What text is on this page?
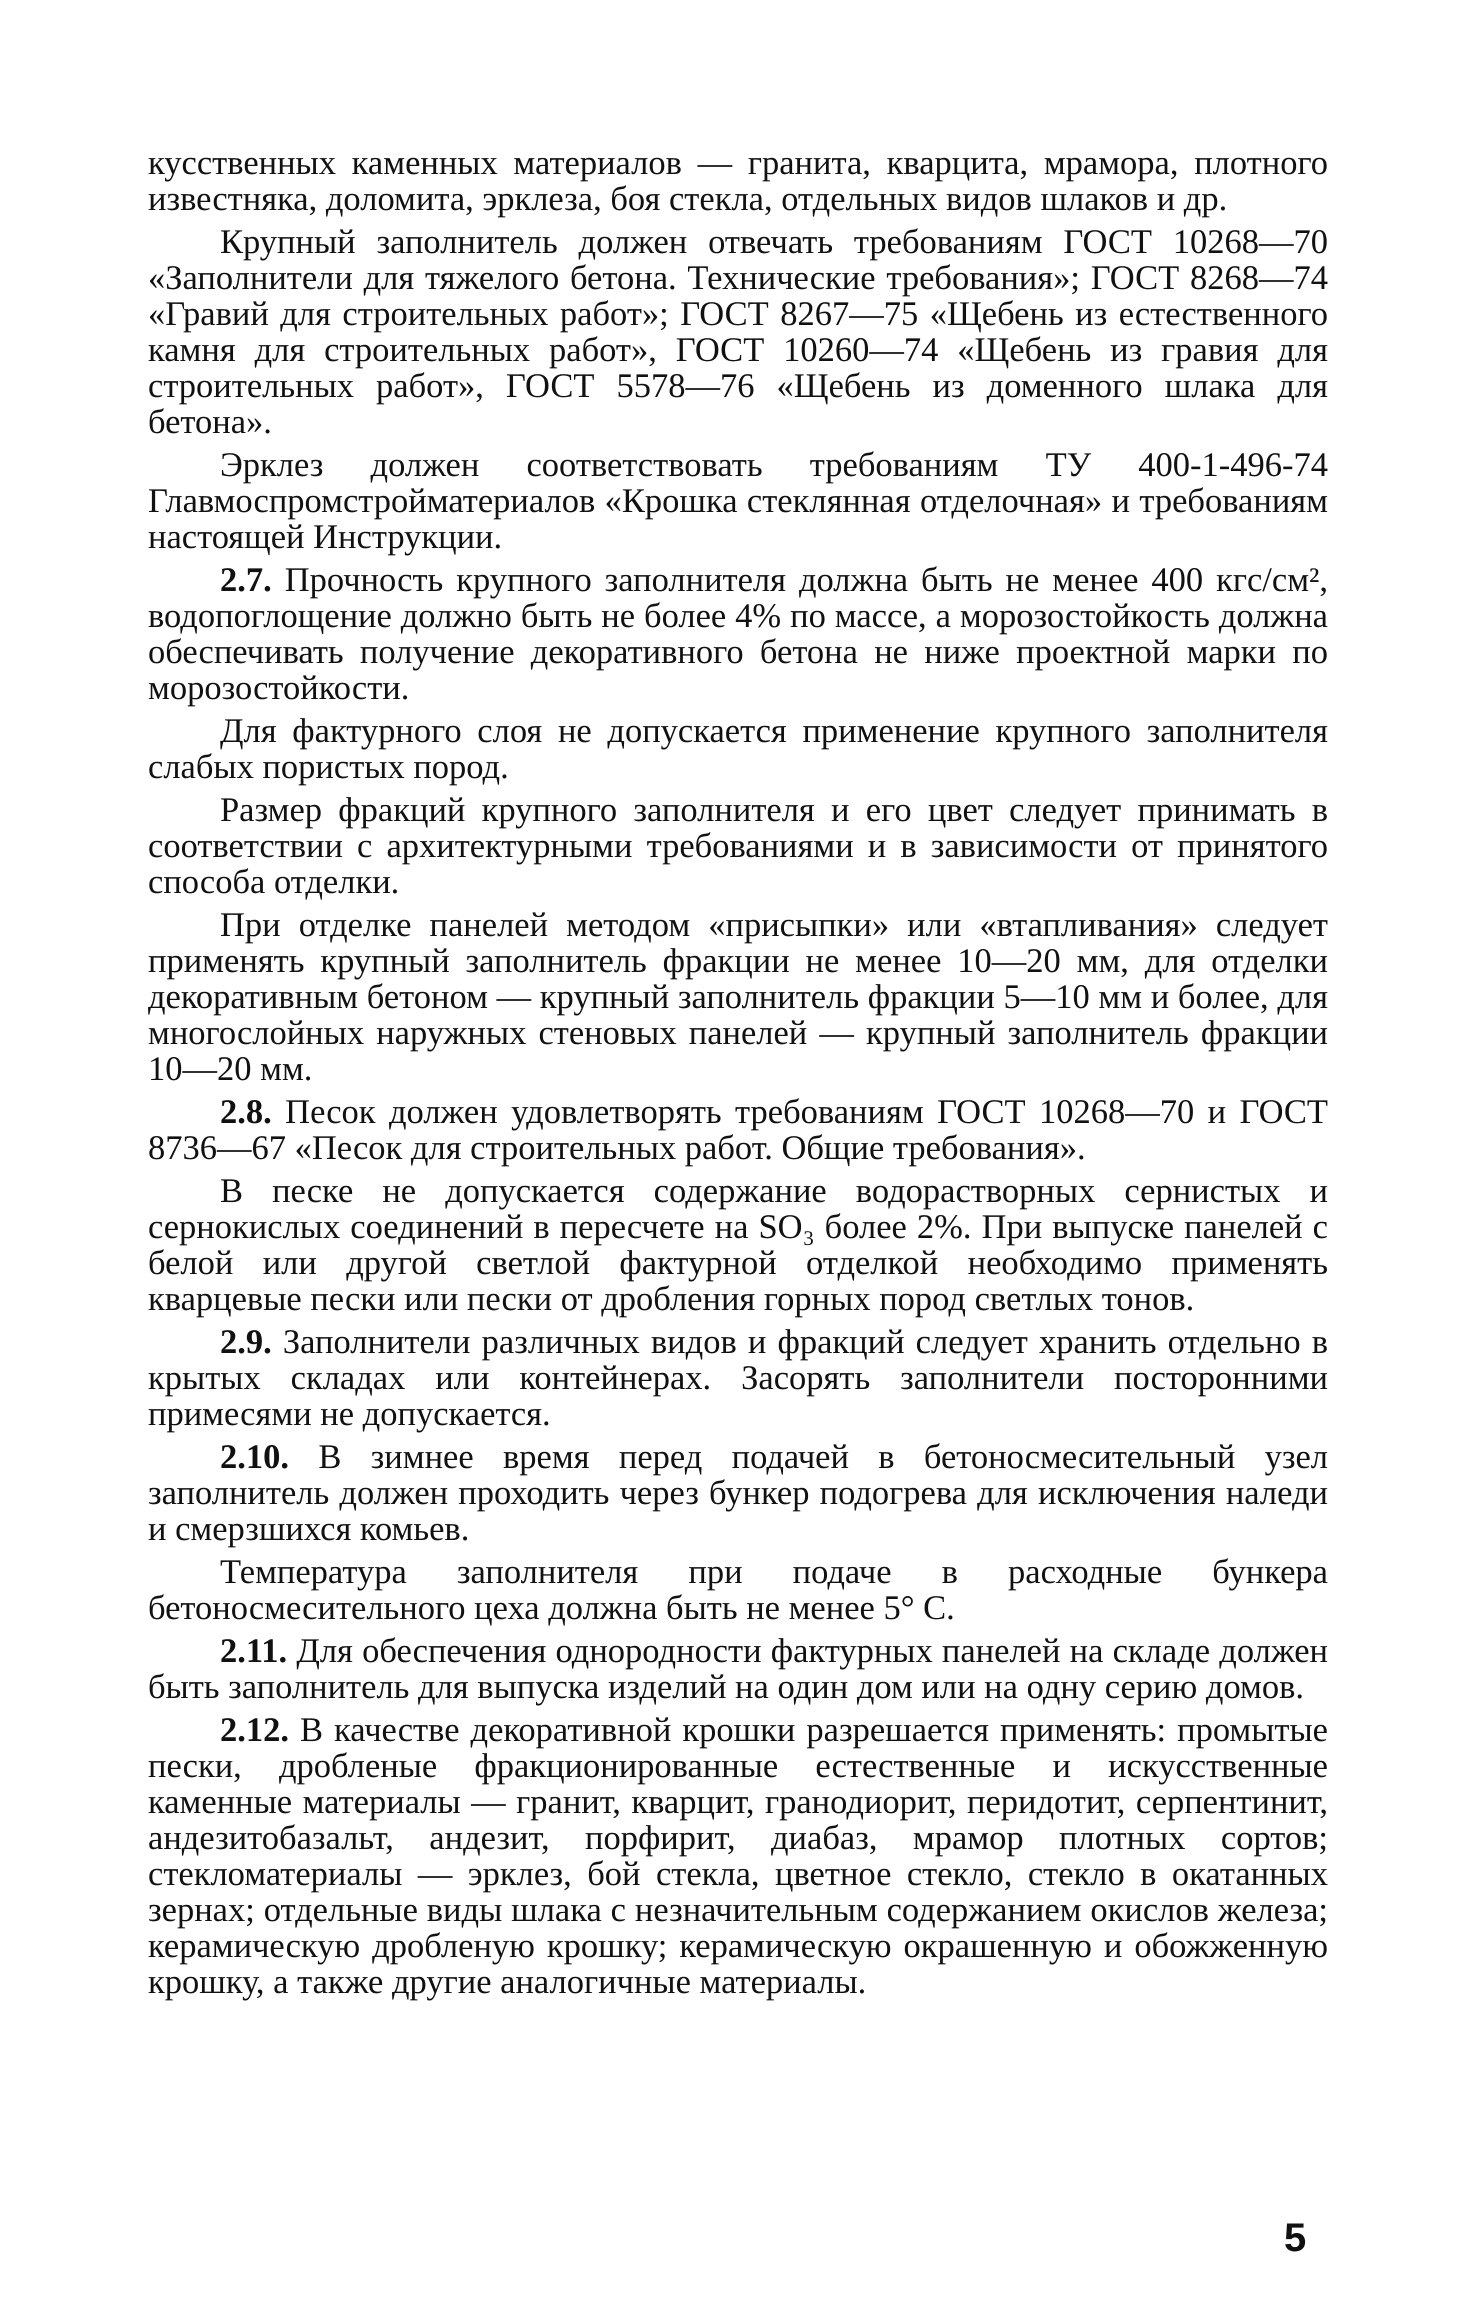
кусственных каменных материалов — гранита, кварцита, мрамора, плотного известняка, доломита, эрклеза, боя стекла, отдельных видов шлаков и др.

Крупный заполнитель должен отвечать требованиям ГОСТ 10268—70 «Заполнители для тяжелого бетона. Технические требования»; ГОСТ 8268—74 «Гравий для строительных работ»; ГОСТ 8267—75 «Щебень из естественного камня для строительных работ», ГОСТ 10260—74 «Щебень из гравия для строительных работ», ГОСТ 5578—76 «Щебень из доменного шлака для бетона».

Эрклез должен соответствовать требованиям ТУ 400-1-496-74 Главмоспромстройматериалов «Крошка стеклянная отделочная» и требованиям настоящей Инструкции.

2.7. Прочность крупного заполнителя должна быть не менее 400 кгс/см², водопоглощение должно быть не более 4% по массе, а морозостойкость должна обеспечивать получение декоративного бетона не ниже проектной марки по морозостойкости.

Для фактурного слоя не допускается применение крупного заполнителя слабых пористых пород.

Размер фракций крупного заполнителя и его цвет следует принимать в соответствии с архитектурными требованиями и в зависимости от принятого способа отделки.

При отделке панелей методом «присыпки» или «втапливания» следует применять крупный заполнитель фракции не менее 10—20 мм, для отделки декоративным бетоном — крупный заполнитель фракции 5—10 мм и более, для многослойных наружных стеновых панелей — крупный заполнитель фракции 10—20 мм.

2.8. Песок должен удовлетворять требованиям ГОСТ 10268—70 и ГОСТ 8736—67 «Песок для строительных работ. Общие требования».

В песке не допускается содержание водорастворных сернистых и сернокислых соединений в пересчете на SO₃ более 2%. При выпуске панелей с белой или другой светлой фактурной отделкой необходимо применять кварцевые пески или пески от дробления горных пород светлых тонов.

2.9. Заполнители различных видов и фракций следует хранить отдельно в крытых складах или контейнерах. Засорять заполнители посторонними примесями не допускается.

2.10. В зимнее время перед подачей в бетоносмесительный узел заполнитель должен проходить через бункер подогрева для исключения наледи и смерзшихся комьев.

Температура заполнителя при подаче в расходные бункера бетоносмесительного цеха должна быть не менее 5° С.

2.11. Для обеспечения однородности фактурных панелей на складе должен быть заполнитель для выпуска изделий на один дом или на одну серию домов.

2.12. В качестве декоративной крошки разрешается применять: промытые пески, дробленые фракционированные естественные и искусственные каменные материалы — гранит, кварцит, гранодиорит, перидотит, серпентинит, андезитобазальт, андезит, порфирит, диабаз, мрамор плотных сортов; стекломатериалы — эрклез, бой стекла, цветное стекло, стекло в окатанных зернах; отдельные виды шлака с незначительным содержанием окислов железа; керамическую дробленую крошку; керамическую окрашенную и обожженную крошку, а также другие аналогичные материалы.

5
